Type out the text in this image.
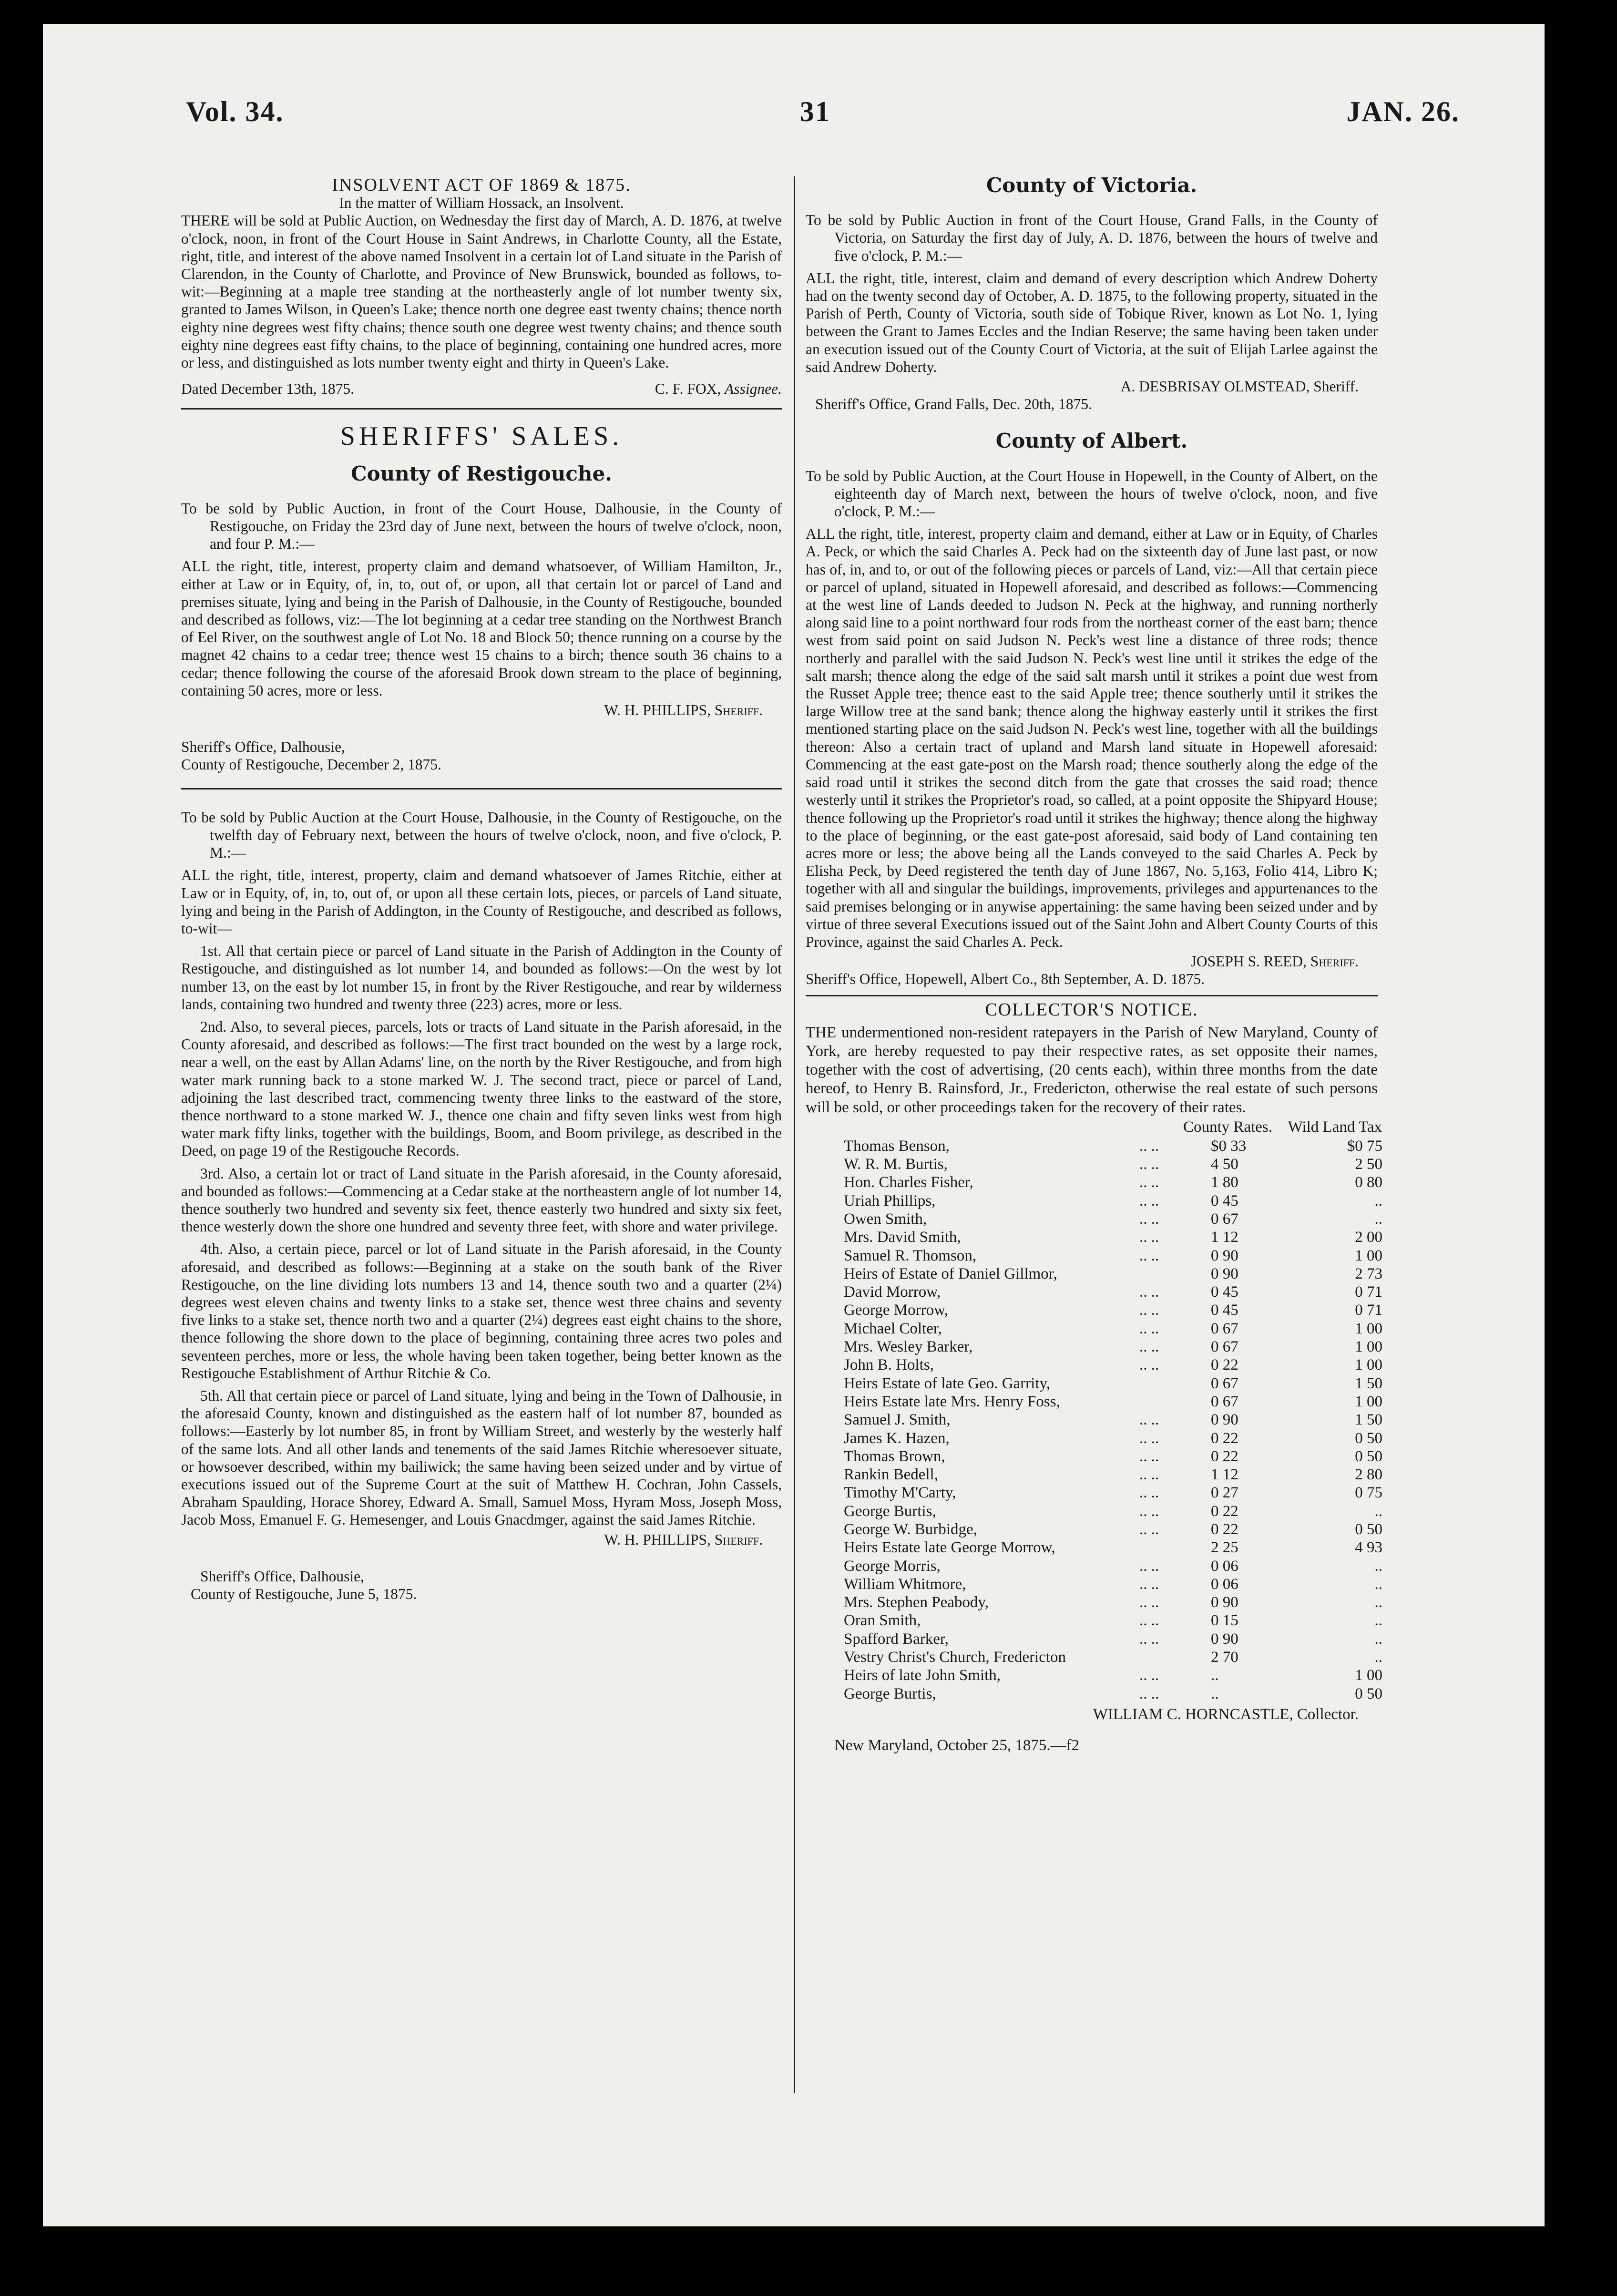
Vol. 34.	31	JAN. 26.
INSOLVENT ACT OF 1869 & 1875.

In the matter of William Hossack, an Insolvent.

THERE will be sold at Public Auction, on Wednesday the first day of March, A. D. 1876, at twelve o'clock, noon, in front of the Court House in Saint Andrews, in Charlotte County, all the Estate, right, title, and interest of the above named Insolvent in a certain lot of Land situate in the Parish of Clarendon, in the County of Charlotte, and Province of New Brunswick, bounded as follows, to-wit:—Beginning at a maple tree standing at the northeasterly angle of lot number twenty six, granted to James Wilson, in Queen's Lake; thence north one degree east twenty chains; thence north eighty nine degrees west fifty chains; thence south one degree west twenty chains; and thence south eighty nine degrees east fifty chains, to the place of beginning, containing one hundred acres, more or less, and distinguished as lots number twenty eight and thirty in Queen's Lake.

Dated December 13th, 1875.	C. F. FOX, Assignee.
SHERIFFS' SALES.
County of Restigouche.

To be sold by Public Auction, in front of the Court House, Dalhousie, in the County of Restigouche, on Friday the 23rd day of June next, between the hours of twelve o'clock, noon, and four P. M.:—

ALL the right, title, interest, property claim and demand whatsoever, of William Hamilton, Jr., either at Law or in Equity, of, in, to, out of, or upon, all that certain lot or parcel of Land and premises situate, lying and being in the Parish of Dalhousie, in the County of Restigouche, bounded and described as follows, viz:—The lot beginning at a cedar tree standing on the Northwest Branch of Eel River, on the southwest angle of Lot No. 18 and Block 50; thence running on a course by the magnet 42 chains to a cedar tree; thence west 15 chains to a birch; thence south 36 chains to a cedar; thence following the course of the aforesaid Brook down stream to the place of beginning, containing 50 acres, more or less.

W. H. PHILLIPS, Sheriff.

Sheriff's Office, Dalhousie,

County of Restigouche, December 2, 1875.

To be sold by Public Auction at the Court House, Dalhousie, in the County of Restigouche, on the twelfth day of February next, between the hours of twelve o'clock, noon, and five o'clock, P. M.:—

ALL the right, title, interest, property, claim and demand whatsoever of James Ritchie, either at Law or in Equity, of, in, to, out of, or upon all these certain lots, pieces, or parcels of Land situate, lying and being in the Parish of Addington, in the County of Restigouche, and described as follows, to-wit—

1st. All that certain piece or parcel of Land situate in the Parish of Addington in the County of Restigouche, and distinguished as lot number 14, and bounded as follows:—On the west by lot number 13, on the east by lot number 15, in front by the River Restigouche, and rear by wilderness lands, containing two hundred and twenty three (223) acres, more or less.

2nd. Also, to several pieces, parcels, lots or tracts of Land situate in the Parish aforesaid, in the County aforesaid, and described as follows:—The first tract bounded on the west by a large rock, near a well, on the east by Allan Adams' line, on the north by the River Restigouche, and from high water mark running back to a stone marked W. J. The second tract, piece or parcel of Land, adjoining the last described tract, commencing twenty three links to the eastward of the store, thence northward to a stone marked W. J., thence one chain and fifty seven links west from high water mark fifty links, together with the buildings, Boom, and Boom privilege, as described in the Deed, on page 19 of the Restigouche Records.

3rd. Also, a certain lot or tract of Land situate in the Parish aforesaid, in the County aforesaid, and bounded as follows:—Commencing at a Cedar stake at the northeastern angle of lot number 14, thence southerly two hundred and seventy six feet, thence easterly two hundred and sixty six feet, thence westerly down the shore one hundred and seventy three feet, with shore and water privilege.

4th. Also, a certain piece, parcel or lot of Land situate in the Parish aforesaid, in the County aforesaid, and described as follows:—Beginning at a stake on the south bank of the River Restigouche, on the line dividing lots numbers 13 and 14, thence south two and a quarter (2¼) degrees west eleven chains and twenty links to a stake set, thence west three chains and seventy five links to a stake set, thence north two and a quarter (2¼) degrees east eight chains to the shore, thence following the shore down to the place of beginning, containing three acres two poles and seventeen perches, more or less, the whole having been taken together, being better known as the Restigouche Establishment of Arthur Ritchie & Co.

5th. All that certain piece or parcel of Land situate, lying and being in the Town of Dalhousie, in the aforesaid County, known and distinguished as the eastern half of lot number 87, bounded as follows:—Easterly by lot number 85, in front by William Street, and westerly by the westerly half of the same lots. And all other lands and tenements of the said James Ritchie wheresoever situate, or howsoever described, within my bailiwick; the same having been seized under and by virtue of executions issued out of the Supreme Court at the suit of Matthew H. Cochran, John Cassels, Abraham Spaulding, Horace Shorey, Edward A. Small, Samuel Moss, Hyram Moss, Joseph Moss, Jacob Moss, Emanuel F. G. Hemesenger, and Louis Gnacdmger, against the said James Ritchie.

W. H. PHILLIPS, Sheriff.

Sheriff's Office, Dalhousie,

County of Restigouche, June 5, 1875.

County of Victoria.

To be sold by Public Auction in front of the Court House, Grand Falls, in the County of Victoria, on Saturday the first day of July, A. D. 1876, between the hours of twelve and five o'clock, P. M.:—

ALL the right, title, interest, claim and demand of every description which Andrew Doherty had on the twenty second day of October, A. D. 1875, to the following property, situated in the Parish of Perth, County of Victoria, south side of Tobique River, known as Lot No. 1, lying between the Grant to James Eccles and the Indian Reserve; the same having been taken under an execution issued out of the County Court of Victoria, at the suit of Elijah Larlee against the said Andrew Doherty.

A. DESBRISAY OLMSTEAD, Sheriff.

Sheriff's Office, Grand Falls, Dec. 20th, 1875.

County of Albert.

To be sold by Public Auction, at the Court House in Hopewell, in the County of Albert, on the eighteenth day of March next, between the hours of twelve o'clock, noon, and five o'clock, P. M.:—

ALL the right, title, interest, property claim and demand, either at Law or in Equity, of Charles A. Peck, or which the said Charles A. Peck had on the sixteenth day of June last past, or now has of, in, and to, or out of the following pieces or parcels of Land, viz:—All that certain piece or parcel of upland, situated in Hopewell aforesaid, and described as follows:—Commencing at the west line of Lands deeded to Judson N. Peck at the highway, and running northerly along said line to a point northward four rods from the northeast corner of the east barn; thence west from said point on said Judson N. Peck's west line a distance of three rods; thence northerly and parallel with the said Judson N. Peck's west line until it strikes the edge of the salt marsh; thence along the edge of the said salt marsh until it strikes a point due west from the Russet Apple tree; thence east to the said Apple tree; thence southerly until it strikes the large Willow tree at the sand bank; thence along the highway easterly until it strikes the first mentioned starting place on the said Judson N. Peck's west line, together with all the buildings thereon: Also a certain tract of upland and Marsh land situate in Hopewell aforesaid: Commencing at the east gate-post on the Marsh road; thence southerly along the edge of the said road until it strikes the second ditch from the gate that crosses the said road; thence westerly until it strikes the Proprietor's road, so called, at a point opposite the Shipyard House; thence following up the Proprietor's road until it strikes the highway; thence along the highway to the place of beginning, or the east gate-post aforesaid, said body of Land containing ten acres more or less; the above being all the Lands conveyed to the said Charles A. Peck by Elisha Peck, by Deed registered the tenth day of June 1867, No. 5,163, Folio 414, Libro K; together with all and singular the buildings, improvements, privileges and appurtenances to the said premises belonging or in anywise appertaining: the same having been seized under and by virtue of three several Executions issued out of the Saint John and Albert County Courts of this Province, against the said Charles A. Peck.

JOSEPH S. REED, Sheriff.

Sheriff's Office, Hopewell, Albert Co., 8th September, A. D. 1875.

COLLECTOR'S NOTICE.

THE undermentioned non-resident ratepayers in the Parish of New Maryland, County of York, are hereby requested to pay their respective rates, as set opposite their names, together with the cost of advertising, (20 cents each), within three months from the date hereof, to Henry B. Rainsford, Jr., Fredericton, otherwise the real estate of such persons will be sold, or other proceedings taken for the recovery of their rates.

County Rates.			Wild Land Tax
Thomas Benson,	.. ..	$0 33	$0 75
W. R. M. Burtis,	.. ..	4 50	2 50
Hon. Charles Fisher,	.. ..	1 80	0 80
Uriah Phillips,	.. ..	0 45	..
Owen Smith,	.. ..	0 67	..
Mrs. David Smith,	.. ..	1 12	2 00
Samuel R. Thomson,	.. ..	0 90	1 00
Heirs of Estate of Daniel Gillmor,		0 90	2 73
David Morrow,	.. ..	0 45	0 71
George Morrow,	.. ..	0 45	0 71
Michael Colter,	.. ..	0 67	1 00
Mrs. Wesley Barker,	.. ..	0 67	1 00
John B. Holts,	.. ..	0 22	1 00
Heirs Estate of late Geo. Garrity,		0 67	1 50
Heirs Estate late Mrs. Henry Foss,		0 67	1 00
Samuel J. Smith,	.. ..	0 90	1 50
James K. Hazen,	.. ..	0 22	0 50
Thomas Brown,	.. ..	0 22	0 50
Rankin Bedell,	.. ..	1 12	2 80
Timothy M'Carty,	.. ..	0 27	0 75
George Burtis,	.. ..	0 22	..
George W. Burbidge,	.. ..	0 22	0 50
Heirs Estate late George Morrow,		2 25	4 93
George Morris,	.. ..	0 06	..
William Whitmore,	.. ..	0 06	..
Mrs. Stephen Peabody,	.. ..	0 90	..
Oran Smith,	.. ..	0 15	..
Spafford Barker,	.. ..	0 90	..
Vestry Christ's Church, Fredericton		2 70	..
Heirs of late John Smith,	.. ..	..	1 00
George Burtis,	.. ..	..	0 50

WILLIAM C. HORNCASTLE, Collector.

New Maryland, October 25, 1875.—f2
